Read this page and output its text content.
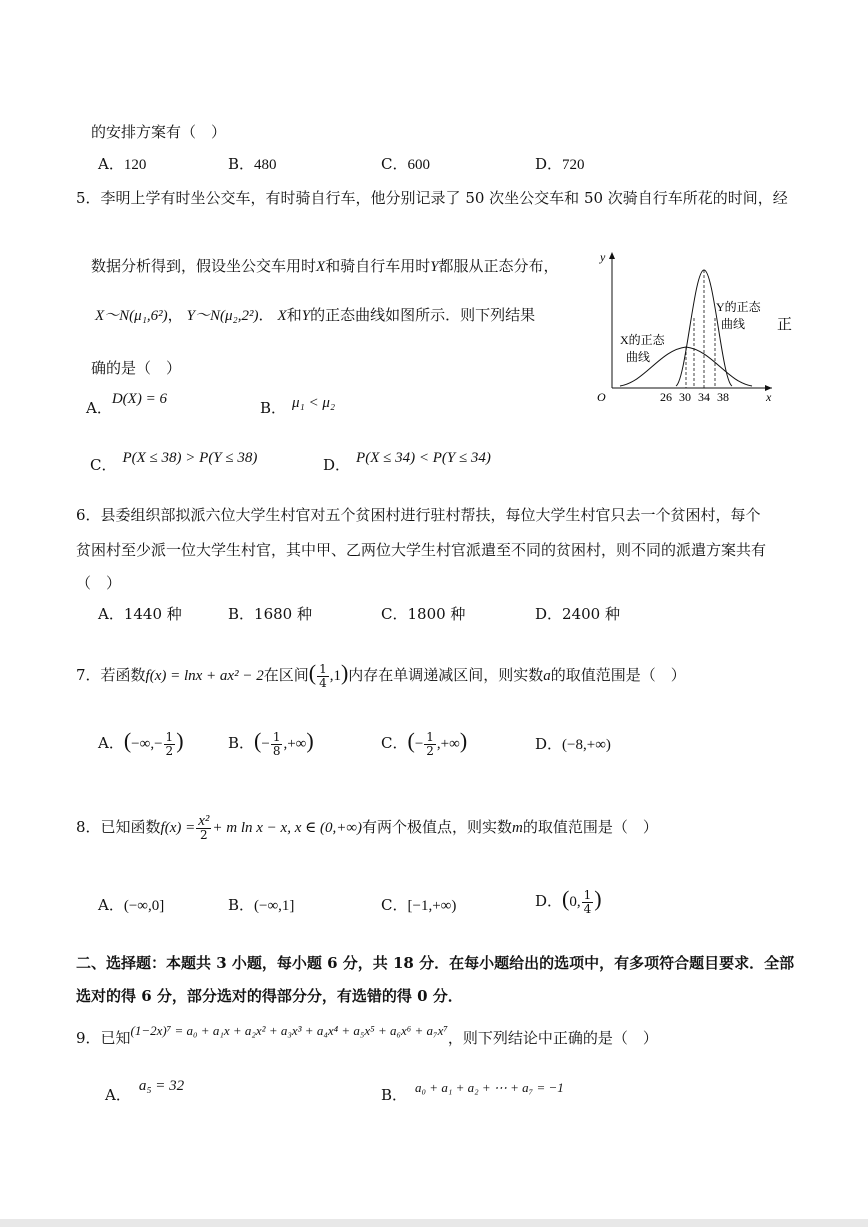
的安排方案有（　）
A．120	B．480	C．600	D．720
5．李明上学有时坐公交车，有时骑自行车，他分别记录了 50 次坐公交车和 50 次骑自行车所花的时间，经
数据分析得到，假设坐公交车用时X和骑自行车用时Y都服从正态分布，
X～N(μ₁,6²)， Y～N(μ₂,2²)． X和Y的正态曲线如图所示．则下列结果	正
确的是（　）
A．D(X) = 6	B． μ₁ < μ₂
C． P(X ≤ 38) > P(Y ≤ 38)	D． P(X ≤ 34) < P(Y ≤ 34)
y
x
O	26 30 34 38
Y的正态
曲线
X的正态
曲线
6．县委组织部拟派六位大学生村官对五个贫困村进行驻村帮扶，每位大学生村官只去一个贫困村，每个
贫困村至少派一位大学生村官，其中甲、乙两位大学生村官派遣至不同的贫困村，则不同的派遣方案共有
（　）
A．1440 种	B．1680 种	C．1800 种	D．2400 种
7．若函数f(x) = lnx + ax² − 2在区间( $\frac{1}{4} ,1$)内存在单调递减区间，则实数a的取值范围是（　）
A．(−∞,− $\frac{1}{2}$ )	B．(− $\frac{1}{8}$ ,+∞)	C．(− $\frac{1}{2}$ ,+∞)	D．(−8,+∞)
8．已知函数$f(x) = \frac{\text{x²}}{2} + m$ ln x − x, x ∈ (0,+∞)有两个极值点，则实数m的取值范围是（　）
A．(−∞,0]	B．(−∞,1]	C．[−1,+∞)	D．(0, $\frac{1}{4}$ )
二、选择题：本题共 3 小题，每小题 6 分，共 18 分．在每小题给出的选项中，有多项符合题目要求．全部
选对的得 6 分，部分选对的得部分分，有选错的得 0 分．
9．已知(1−2x)⁷ = a₀ + a₁x + a₂x² + a₃x³ + a₄x⁴ + a₅x⁵ + a₆x⁶ + a₇x⁷，则下列结论中正确的是（　）
A． a₅ = 32	B． a₀ + a₁ + a₂ + ⋯ + a₇ = −1
